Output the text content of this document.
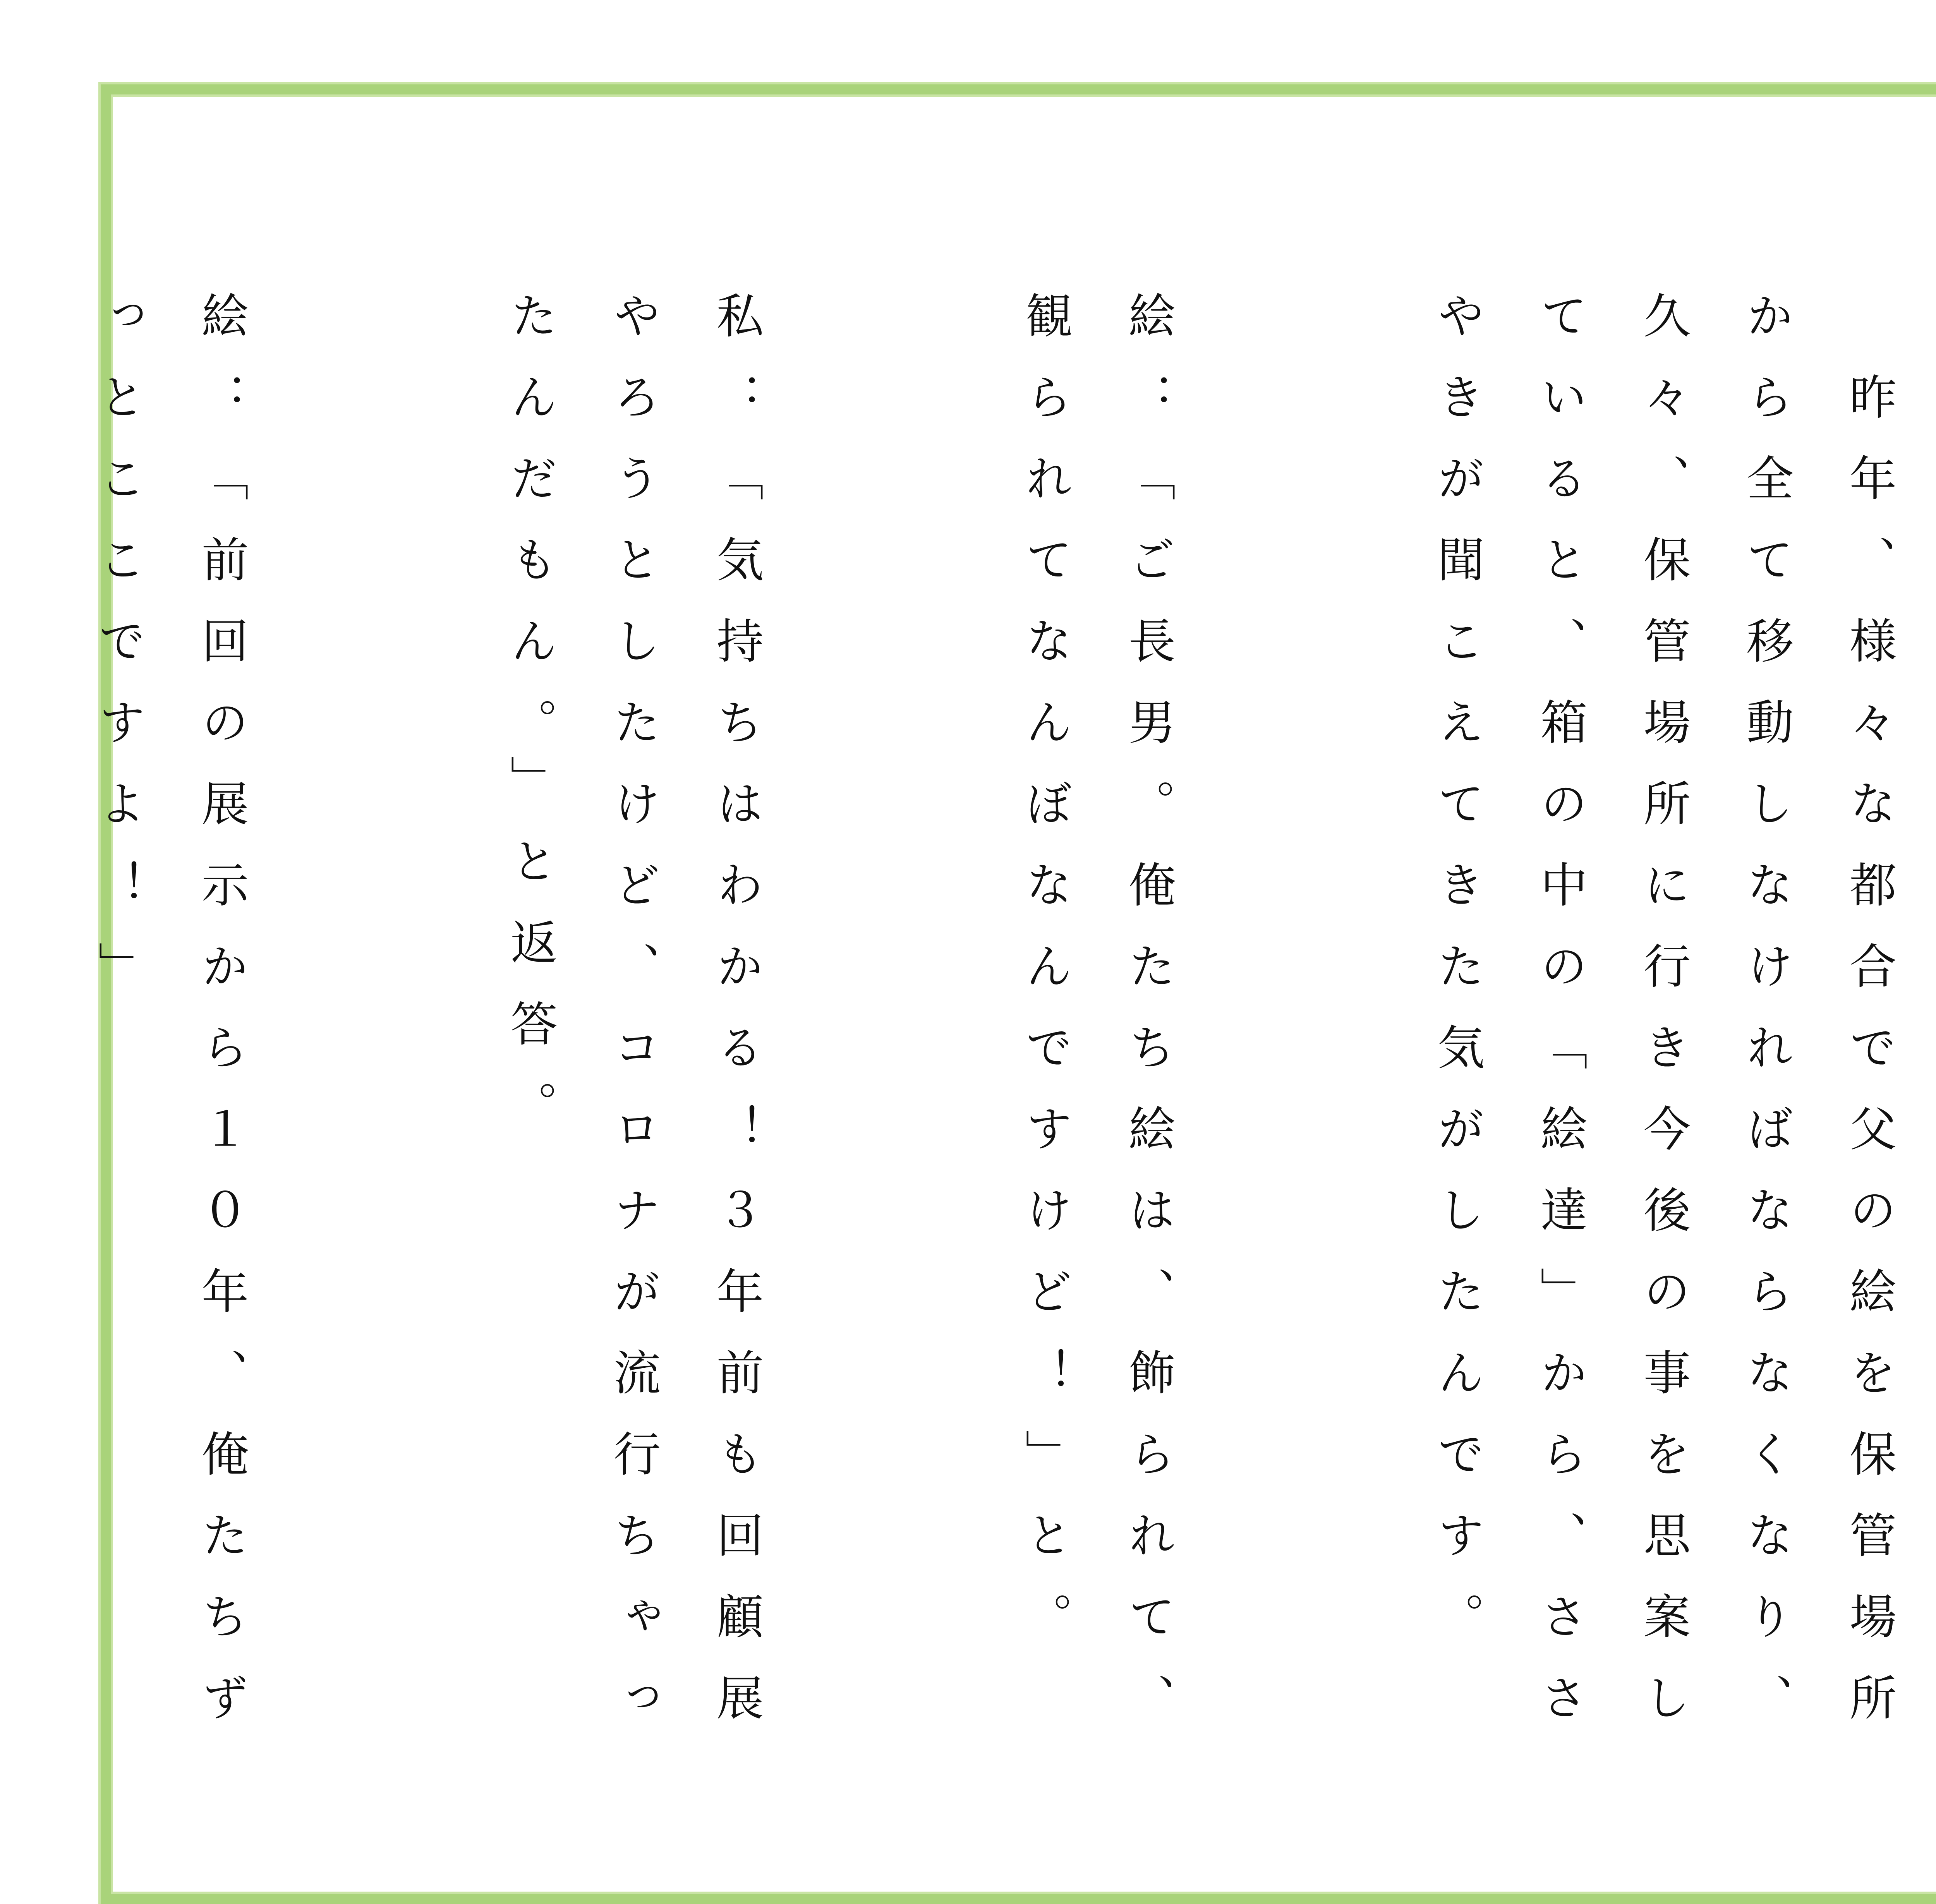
　昨年、様々な都合で父の絵を保管場所から全て移動しなければならなくなり、久々、保管場所に行き今後の事を思案していると、箱の中の「絵達」から、ささやきが聞こえてきた気がしたんです。

絵：「ご長男。俺たち絵は、飾られて、観られてなんぼなんですけど！」と。

私：「気持ちはわかる！３年前も回顧展やろうとしたけど、コロナが流行ちゃったんだもん。」と返答。

絵：「前回の展示から１０年、俺たちずっとここですよ！」
